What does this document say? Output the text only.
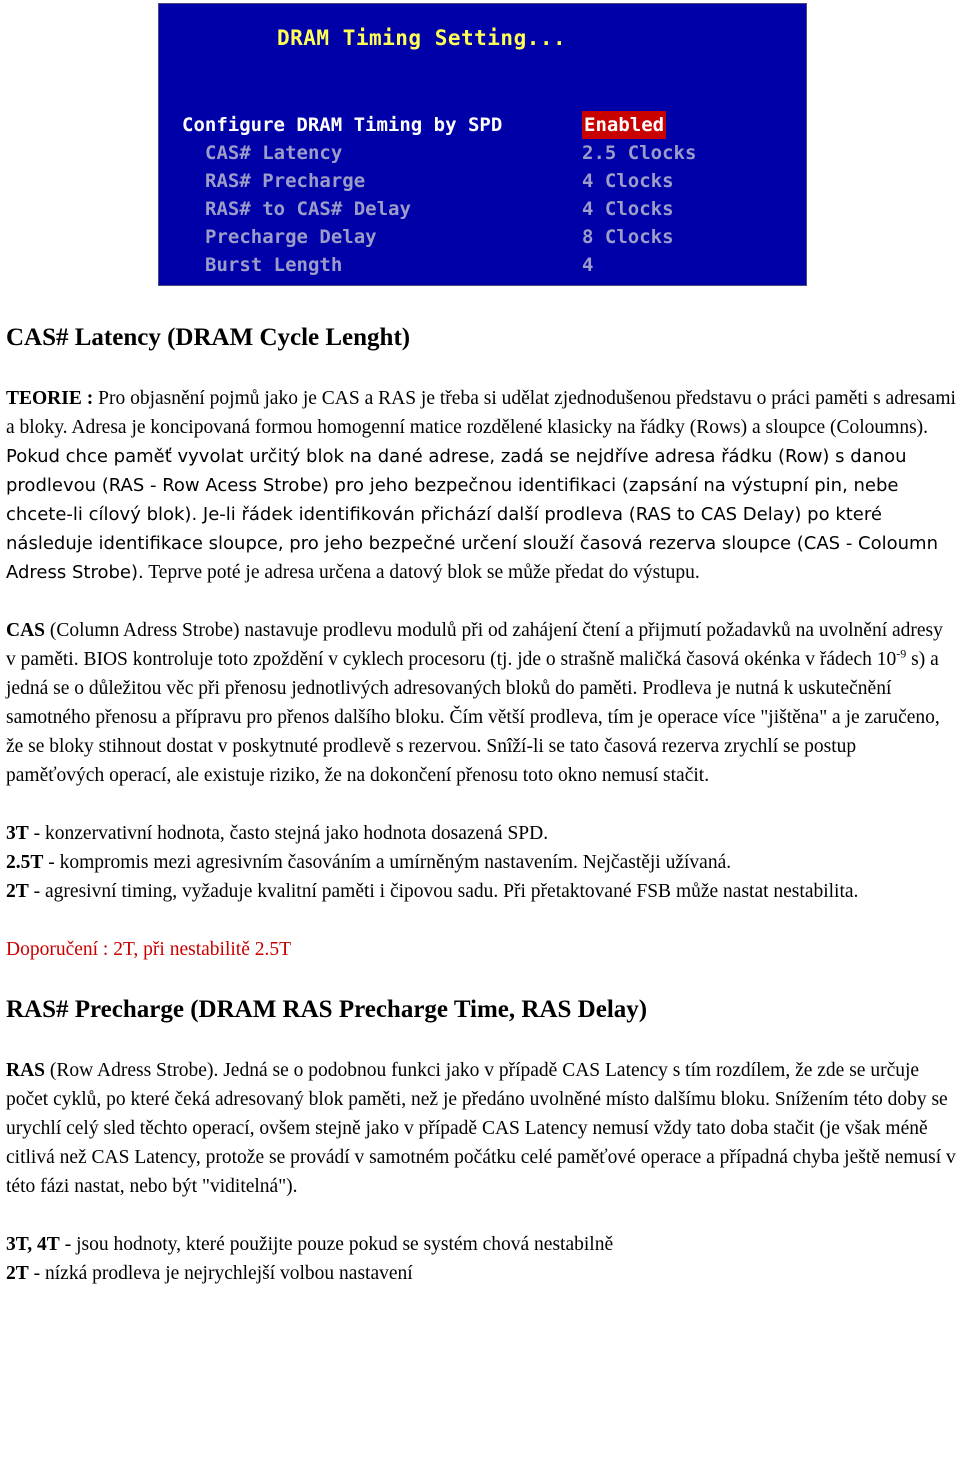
DRAM Timing Setting...
Configure DRAM Timing by SPD	Enabled
CAS# Latency	2.5 Clocks
RAS# Precharge	4 Clocks
RAS# to CAS# Delay	4 Clocks
Precharge Delay	8 Clocks
Burst Length	4
CAS# Latency (DRAM Cycle Lenght)

TEORIE : Pro objasnění pojmů jako je CAS a RAS je třeba si udělat zjednodušenou představu o práci paměti s adresami a bloky. Adresa je koncipovaná formou homogenní matice rozdělené klasicky na řádky (Rows) a sloupce (Coloumns). Pokud chce paměť vyvolat určitý blok na dané adrese, zadá se nejdříve adresa řádku (Row) s danou prodlevou (RAS - Row Acess Strobe) pro jeho bezpečnou identifikaci (zapsání na výstupní pin, nebe chcete-li cílový blok). Je-li řádek identifikován přichází další prodleva (RAS to CAS Delay) po které následuje identifikace sloupce, pro jeho bezpečné určení slouží časová rezerva sloupce (CAS - Coloumn Adress Strobe). Teprve poté je adresa určena a datový blok se může předat do výstupu.

CAS (Column Adress Strobe) nastavuje prodlevu modulů při od zahájení čtení a přijmutí požadavků na uvolnění adresy v paměti. BIOS kontroluje toto zpoždění v cyklech procesoru (tj. jde o strašně maličká časová okénka v řádech $10^{-9}$ s) a jedná se o důležitou věc při přenosu jednotlivých adresovaných bloků do paměti. Prodleva je nutná k uskutečnění samotného přenosu a přípravu pro přenos dalšího bloku. Čím větší prodleva, tím je operace více "jištěna" a je zaručeno, že se bloky stihnout dostat v poskytnuté prodlevě s rezervou. Snîží-li se tato časová rezerva zrychlí se postup paměťových operací, ale existuje riziko, že na dokončení přenosu toto okno nemusí stačit.

3T - konzervativní hodnota, často stejná jako hodnota dosazená SPD.

2.5T - kompromis mezi agresivním časováním a umírněným nastavením. Nejčastěji užívaná.

2T - agresivní timing, vyžaduje kvalitní paměti i čipovou sadu. Při přetaktované FSB může nastat nestabilita.

Doporučení : 2T, při nestabilitě 2.5T

RAS# Precharge (DRAM RAS Precharge Time, RAS Delay)

RAS (Row Adress Strobe). Jedná se o podobnou funkci jako v případě CAS Latency s tím rozdílem, že zde se určuje počet cyklů, po které čeká adresovaný blok paměti, než je předáno uvolněné místo dalšímu bloku. Snížením této doby se urychlí celý sled těchto operací, ovšem stejně jako v případě CAS Latency nemusí vždy tato doba stačit (je však méně citlivá než CAS Latency, protože se provádí v samotném počátku celé paměťové operace a případná chyba ještě nemusí v této fázi nastat, nebo být "viditelná").

3T, 4T - jsou hodnoty, které použijte pouze pokud se systém chová nestabilně

2T - nízká prodleva je nejrychlejší volbou nastavení
